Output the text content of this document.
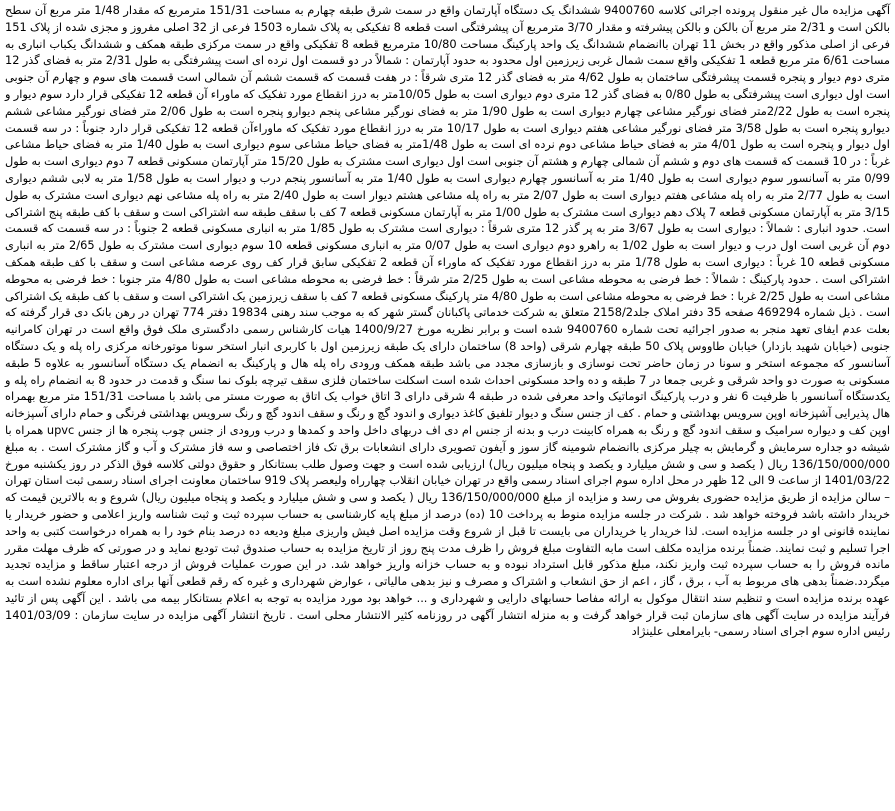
آگهی مزایده مال غیر منقول پرونده اجرائی کلاسه 9400760 ششدانگ یک دستگاه آپارتمان واقع در سمت شرق طبقه چهارم به مساحت 151/31 مترمربع که مقدار 1/48 متر مربع آن سطح بالکن است و 2/31 متر مربع آن بالکن و بالکن پیشرفته و مقدار 3/70 مترمربع آن پیشرفتگی است قطعه 8 تفکیکی به پلاک شماره 1503 فرعی از 32 اصلی مفروز و مجزی شده از پلاک 151 فرعی از اصلی مذکور واقع در بخش 11 تهران باانضمام ششدانگ یک واحد پارکینگ مساحت 10/80 مترمربع قطعه 8 تفکیکی واقع در سمت مرکزی طبقه همکف و ششدانگ یکباب انباری به مساحت 6/61 متر مربع قطعه 1 تفکیکی واقع سمت شمال غربی زیرزمین اول محدود به حدود آپارتمان : شمالاً در دو قسمت اول نرده ای است پیشرفتگی به طول 2/31 متر به فضای گذر 12 متری دوم دیوار و پنجره قسمت پیشرفتگی ساختمان به طول 4/62 متر به فضای گذر 12 متری شرقاً : در هفت قسمت که قسمت ششم آن شمالی است قسمت های سوم و چهارم آن جنوبی است اول دیواری است پیشرفتگی به طول 0/80 به فضای گذر 12 متری دوم دیواری است به طول 10/05متر به درز انقطاع مورد تفکیک که ماوراء آن قطعه 12 تفکیکی قرار دارد سوم دیوار و پنجره است به طول 2/22متر فضای نورگیر مشاعی چهارم دیواری است به طول 1/90 متر به فضای نورگیر مشاعی پنجم دیوارو پنجره است به طول 2/06 متر فضای نورگیر مشاعی ششم دیوارو پنجره است به طول 3/58 متر فضای نورگیر مشاعی هفتم دیواری است به طول 10/17 متر به درز انقطاع مورد تفکیک که ماوراءآن قطعه 12 تفکیکی قرار دارد جنوباً : در سه قسمت اول دیوار و پنجره است به طول 4/01 متر به فضای حیاط مشاعی دوم نرده ای است به طول 1/48متر به فضای حیاط مشاعی سوم دیواری است به طول 1/40 متر به فضای حیاط مشاعی غرباً : در 10 قسمت که قسمت های دوم و ششم آن شمالی چهارم و هشتم آن جنوبی است اول دیواری است مشترک به طول 15/20 متر آپارتمان مسکونی قطعه 7 دوم دیواری است به طول 0/99 متر به آسانسور سوم دیواری است به طول 1/40 متر به آسانسور چهارم دیواری است به طول 1/40 متر به آسانسور پنجم درب و دیوار است به طول 1/58 متر به لابی ششم دیواری است به طول 2/77 متر به راه پله مشاعی هفتم دیواری است به طول 2/07 متر به راه پله مشاعی هشتم دیوار است به طول 2/40 متر به راه پله مشاعی نهم دیواری است مشترک به طول 3/15 متر به آپارتمان مسکونی قطعه 7 پلاک دهم دیواری است مشترک به طول 1/00 متر به آپارتمان مسکونی قطعه 7 کف با سقف طبقه سه اشتراکی است و سقف با کف طبقه پنج اشتراکی است. حدود انباری : شمالاً : دیواری است به طول 3/67 متر به پر گذر 12 متری شرقاً : دیواری است مشترک به طول 1/85 متر به انباری مسکونی قطعه 2 جنوباً : در سه قسمت که قسمت دوم آن غربی است اول درب و دیوار است به طول 1/02 به راهرو دوم دیواری است به طول 0/07 متر به انباری مسکونی قطعه 10 سوم دیواری است مشترک به طول 2/65 متر به انباری مسکونی قطعه 10 غرباً : دیواری است به طول 1/78 متر به درز انقطاع مورد تفکیک که ماوراء آن قطعه 2 تفکیکی سابق قرار کف روی عرصه مشاعی است و سقف با کف طبقه همکف اشتراکی است . حدود پارکینگ : شمالاً : خط فرضی به محوطه مشاعی است به طول 2/25 متر شرقاً : خط فرضی به محوطه مشاعی است به طول 4/80 متر جنوبا : خط فرضی به محوطه مشاعی است به طول 2/25 غربا : خط فرضی به محوطه مشاعی است به طول 4/80 متر پارکینگ مسکونی قطعه 7 کف با سقف زیرزمین یک اشتراکی است و سقف با کف طبقه یک اشتراکی است . ذیل شماره 469294 صفحه 35 دفتر املاک جلد2158/2 متعلق به شرکت خدماتی پاکبانان گستر شهر که به موجب سند رهنی 19834 دفتر 774 تهران در رهن بانک دی قرار گرفته که بعلت عدم ایفای تعهد منجر به صدور اجرائیه تحت شماره 9400760 شده است و برابر نظریه مورخ 1400/9/27 هیات کارشناس رسمی دادگستری ملک فوق واقع است در تهران کامرانیه جنوبی (خیابان شهید بازدار) خیابان طاووس پلاک 50 طبقه چهارم شرقی (واحد 8) ساختمان دارای یک طبقه زیرزمین اول با کاربری انبار استخر سونا موتورخانه مرکزی راه پله و یک دستگاه آسانسور که مجموعه استخر و سونا در زمان حاضر تحت نوسازی و بازسازی مجدد می باشد طبقه همکف ورودی راه پله هال و پارکینگ به انضمام یک دستگاه آسانسور به علاوه 5 طبقه مسکونی به صورت دو واحد شرقی و غربی جمعا در 7 طبقه و ده واحد مسکونی احداث شده است اسکلت ساختمان فلزی سقف تیرچه بلوک نما سنگ و قدمت در حدود 8 به انضمام راه پله و یکدستگاه آسانسور با ظرفیت 6 نفر و درب پارکینگ اتوماتیک واحد معرفی شده در طبقه 4 شرقی دارای 3 اتاق خواب یک اتاق به صورت مستر می باشد با مساحت 151/31 متر مربع بهمراه هال پذیرایی آشپزخانه اوپن سرویس بهداشتی و حمام . کف از جنس سنگ و دیوار تلفیق کاغذ دیواری و اندود گچ و رنگ و سقف اندود گچ و رنگ سرویس بهداشتی فرنگی و حمام دارای آسپزخانه اوپن کف و دیواره سرامیک و سقف اندود گچ و رنگ به همراه کابینت درب و بدنه از جنس ام دی اف دربهای داخل واحد و کمدها و درب ورودی از جنس چوب پنجره ها از جنس upvc همراه با شیشه دو جداره سرمایش و گرمایش به چیلر مرکزی باانضمام شومینه گاز سوز و آیفون تصویری دارای انشعابات برق تک فاز اختصاصی و سه فاز مشترک و آب و گاز مشترک است . به مبلغ 136/150/000/000 ریال ( یکصد و سی و شش میلیارد و یکصد و پنجاه میلیون ریال) ارزیابی شده است و جهت وصول طلب بستانکار و حقوق دولتی کلاسه فوق الذکر در روز یکشنبه مورخ 1401/03/22 از ساعت 9 الی 12 ظهر در محل اداره سوم اجرای اسناد رسمی واقع در تهران خیابان انقلاب چهارراه ولیعصر پلاک 919 ساختمان معاونت اجرای اسناد رسمی ثبت استان تهران – سالن مزایده از طریق مزایده حضوری بفروش می رسد و مزایده از مبلغ 136/150/000/000 ریال ( یکصد و سی و شش میلیارد و یکصد و پنجاه میلیون ریال) شروع و به بالاترین قیمت که خریدار داشته باشد فروخته خواهد شد . شرکت در جلسه مزایده منوط به پرداخت 10 (ده) درصد از مبلغ پایه کارشناسی به حساب سپرده ثبت و ثبت شناسه واریز اعلامی و حضور خریدار یا نماینده قانونی او در جلسه مزایده است. لذا خریدار یا خریداران می بایست تا قبل از شروع وقت مزایده اصل فیش واریزی مبلغ ودیعه ده درصد بنام خود را به همراه درخواست کتبی به واحد اجرا تسلیم و ثبت نمایند. ضمناً برنده مزایده مکلف است مابه التفاوت مبلغ فروش را ظرف مدت پنج روز از تاریخ مزایده به حساب صندوق ثبت تودیع نماید و در صورتی که ظرف مهلت مقرر مانده فروش را به حساب سپرده ثبت واریز نکند، مبلغ مذکور قابل استرداد نبوده و به حساب خزانه واریز خواهد شد. در این صورت عملیات فروش از درجه اعتبار ساقط و مزایده تجدید میگردد.ضمناً بدهی های مربوط به آب ، برق ، گاز ، اعم از حق انشعاب و اشتراک و مصرف و نیز بدهی مالیاتی ، عوارض شهرداری و غیره که رقم قطعی آنها برای اداره معلوم نشده است به عهده برنده مزایده است و تنظیم سند انتقال موکول به ارائه مفاصا حسابهای دارایی و شهرداری و ... خواهد بود مورد مزایده به توجه به اعلام بستانکار بیمه می باشد . این آگهی پس از تائید فرآیند مزایده در سایت آگهی های سازمان ثبت قرار خواهد گرفت و به منزله انتشار آگهی در روزنامه کثیر الانتشار محلی است . تاریخ انتشار آگهی مزایده در سایت سازمان : 1401/03/09 رئیس اداره سوم اجرای اسناد رسمی- بایرامعلی علینژاد
